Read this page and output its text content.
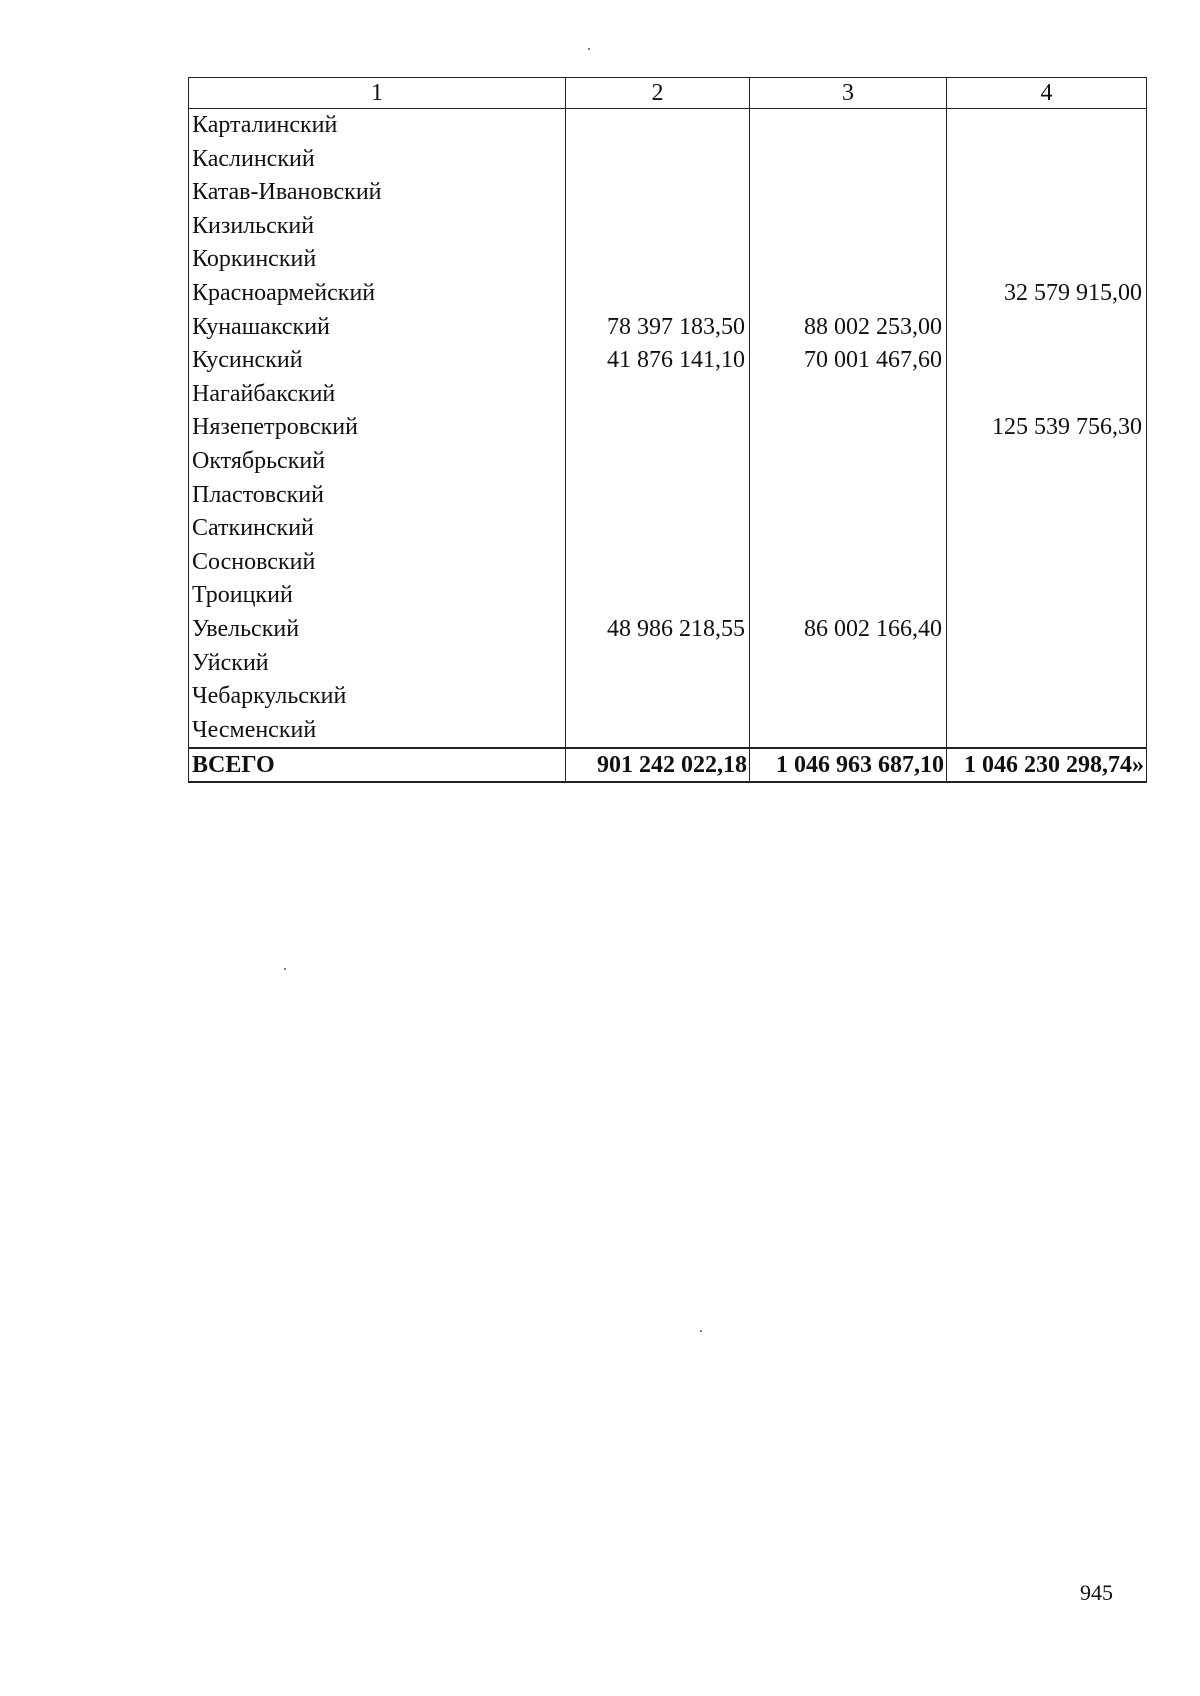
1	2	3	4
Карталинский			
Каслинский			
Катав-Ивановский			
Кизильский			
Коркинский			
Красноармейский			32 579 915,00
Кунашакский	78 397 183,50	88 002 253,00	
Кусинский	41 876 141,10	70 001 467,60	
Нагайбакский			
Нязепетровский			125 539 756,30
Октябрьский			
Пластовский			
Саткинский			
Сосновский			
Троицкий			
Увельский	48 986 218,55	86 002 166,40	
Уйский			
Чебаркульский			
Чесменский			
ВСЕГО	901 242 022,18	1 046 963 687,10	1 046 230 298,74»
945
